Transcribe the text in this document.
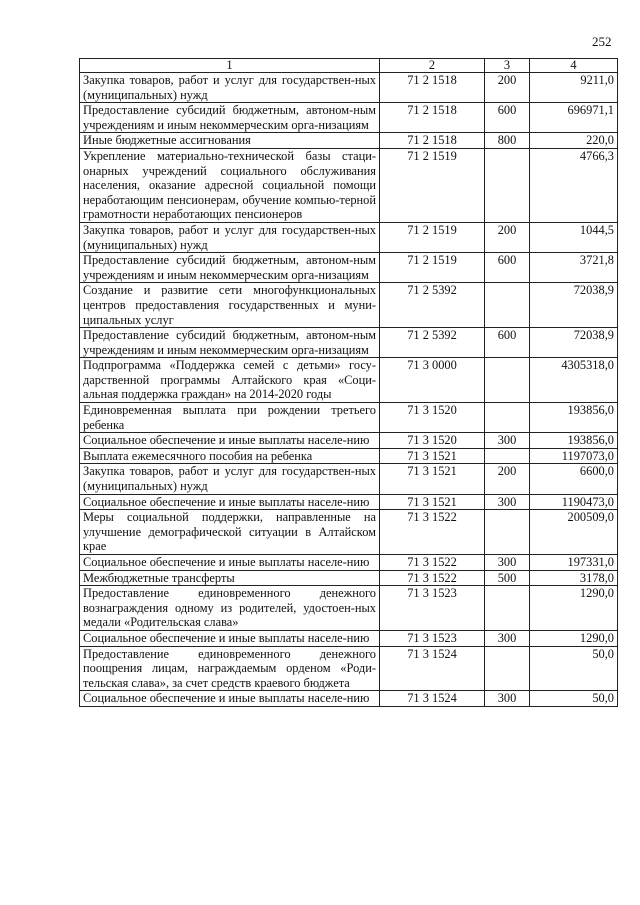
252
1	2	3	4
Закупка товаров, работ и услуг для государствен-ных (муниципальных) нужд	71 2 1518	200	9211,0
Предоставление субсидий бюджетным, автоном-ным учреждениям и иным некоммерческим орга-низациям	71 2 1518	600	696971,1
Иные бюджетные ассигнования	71 2 1518	800	220,0
Укрепление материально-технической базы стаци-онарных учреждений социального обслуживания населения, оказание адресной социальной помощи неработающим пенсионерам, обучение компью-терной грамотности неработающих пенсионеров	71 2 1519		4766,3
Закупка товаров, работ и услуг для государствен-ных (муниципальных) нужд	71 2 1519	200	1044,5
Предоставление субсидий бюджетным, автоном-ным учреждениям и иным некоммерческим орга-низациям	71 2 1519	600	3721,8
Создание и развитие сети многофункциональных центров предоставления государственных и муни-ципальных услуг	71 2 5392		72038,9
Предоставление субсидий бюджетным, автоном-ным учреждениям и иным некоммерческим орга-низациям	71 2 5392	600	72038,9
Подпрограмма «Поддержка семей с детьми» госу-дарственной программы Алтайского края «Соци-альная поддержка граждан» на 2014-2020 годы	71 3 0000		4305318,0
Единовременная выплата при рождении третьего ребенка	71 3 1520		193856,0
Социальное обеспечение и иные выплаты населе-нию	71 3 1520	300	193856,0
Выплата ежемесячного пособия на ребенка	71 3 1521		1197073,0
Закупка товаров, работ и услуг для государствен-ных (муниципальных) нужд	71 3 1521	200	6600,0
Социальное обеспечение и иные выплаты населе-нию	71 3 1521	300	1190473,0
Меры социальной поддержки, направленные на улучшение демографической ситуации в Алтайском крае	71 3 1522		200509,0
Социальное обеспечение и иные выплаты населе-нию	71 3 1522	300	197331,0
Межбюджетные трансферты	71 3 1522	500	3178,0
Предоставление единовременного денежного вознаграждения одному из родителей, удостоен-ных медали «Родительская слава»	71 3 1523		1290,0
Социальное обеспечение и иные выплаты населе-нию	71 3 1523	300	1290,0
Предоставление единовременного денежного поощрения лицам, награждаемым орденом «Роди-тельская слава», за счет средств краевого бюджета	71 3 1524		50,0
Социальное обеспечение и иные выплаты населе-нию	71 3 1524	300	50,0
